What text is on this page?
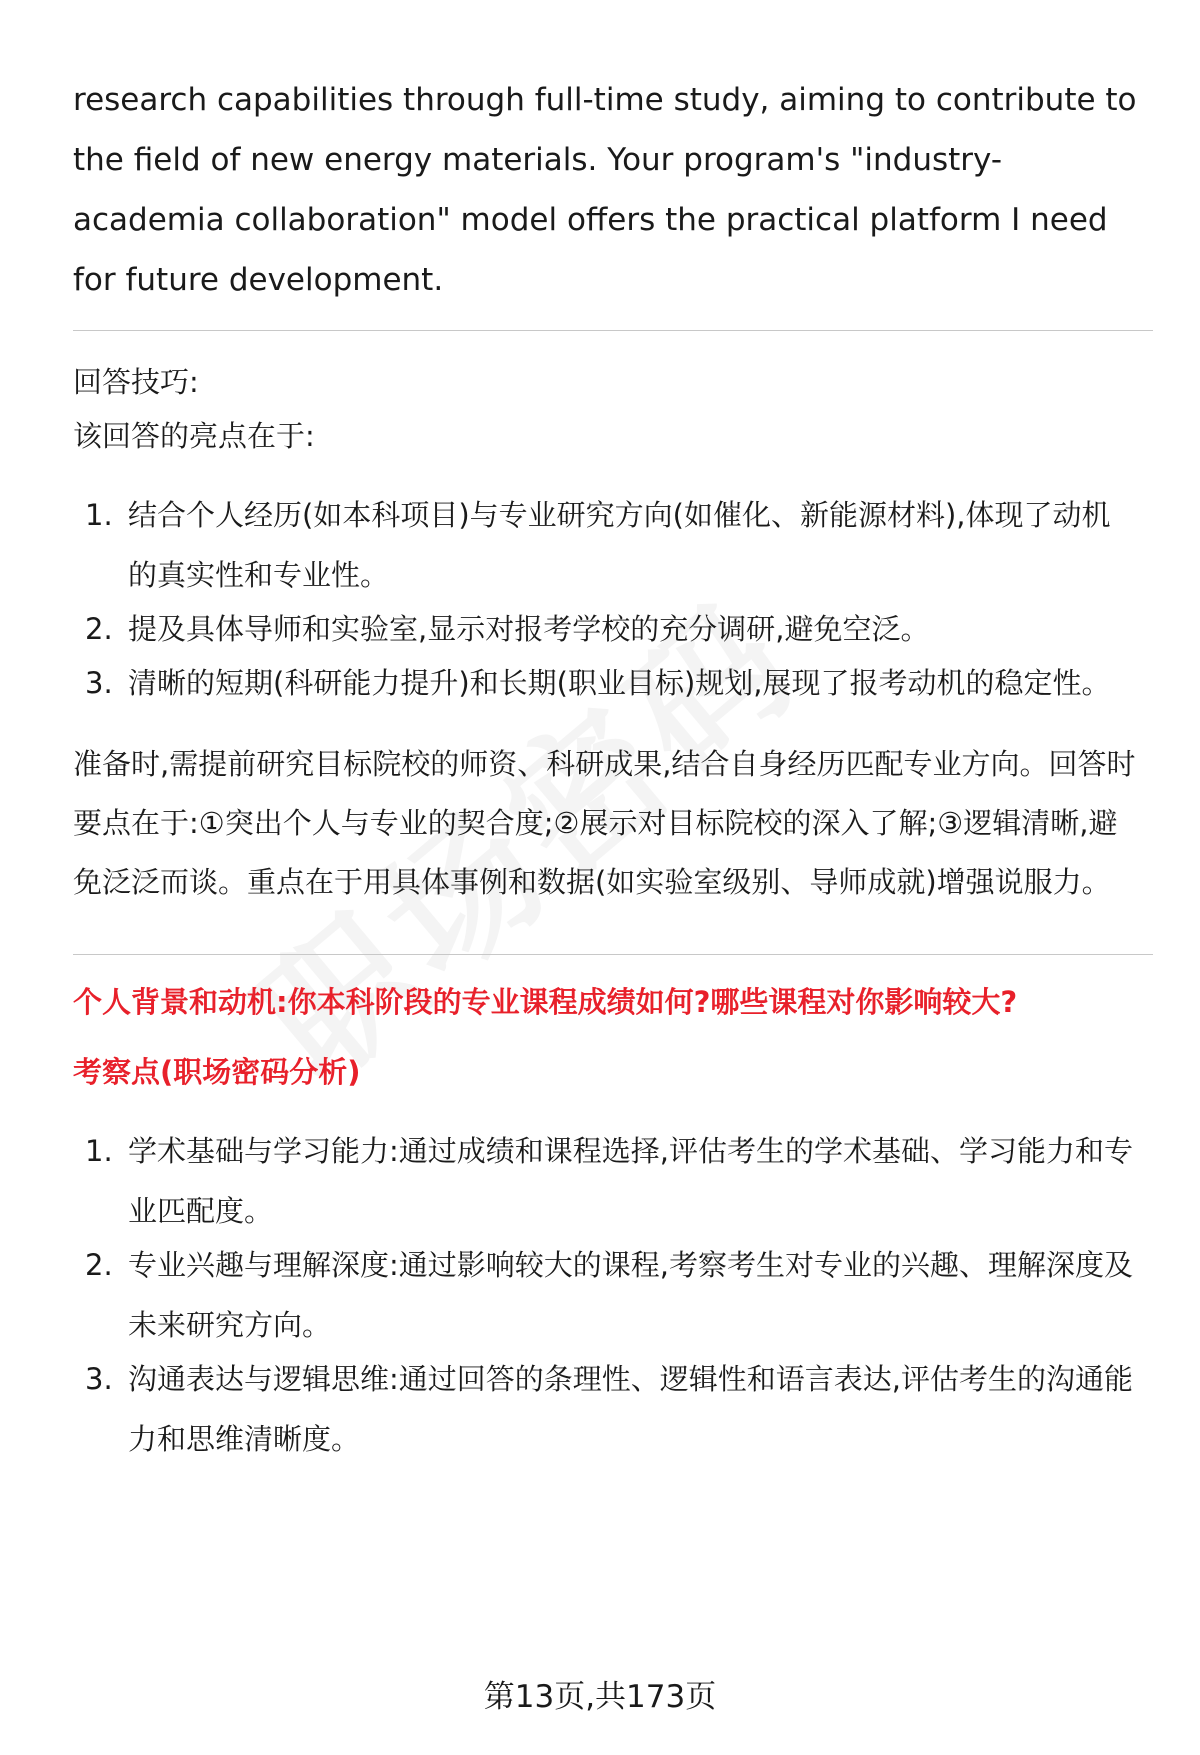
research capabilities through full-time study, aiming to contribute to the field of new energy materials. Your program's "industry-academia collaboration" model offers the practical platform I need for future development.

回答技巧:

该回答的亮点在于:

1. 结合个人经历(如本科项目)与专业研究方向(如催化、新能源材料),体现了动机的真实性和专业性。
2. 提及具体导师和实验室,显示对报考学校的充分调研,避免空泛。
3. 清晰的短期(科研能力提升)和长期(职业目标)规划,展现了报考动机的稳定性。

准备时,需提前研究目标院校的师资、科研成果,结合自身经历匹配专业方向。回答时要点在于:①突出个人与专业的契合度;②展示对目标院校的深入了解;③逻辑清晰,避免泛泛而谈。重点在于用具体事例和数据(如实验室级别、导师成就)增强说服力。

个人背景和动机:你本科阶段的专业课程成绩如何?哪些课程对你影响较大?

考察点(职场密码分析)

1. 学术基础与学习能力:通过成绩和课程选择,评估考生的学术基础、学习能力和专业匹配度。
2. 专业兴趣与理解深度:通过影响较大的课程,考察考生对专业的兴趣、理解深度及未来研究方向。
3. 沟通表达与逻辑思维:通过回答的条理性、逻辑性和语言表达,评估考生的沟通能力和思维清晰度。
第13页,共173页
